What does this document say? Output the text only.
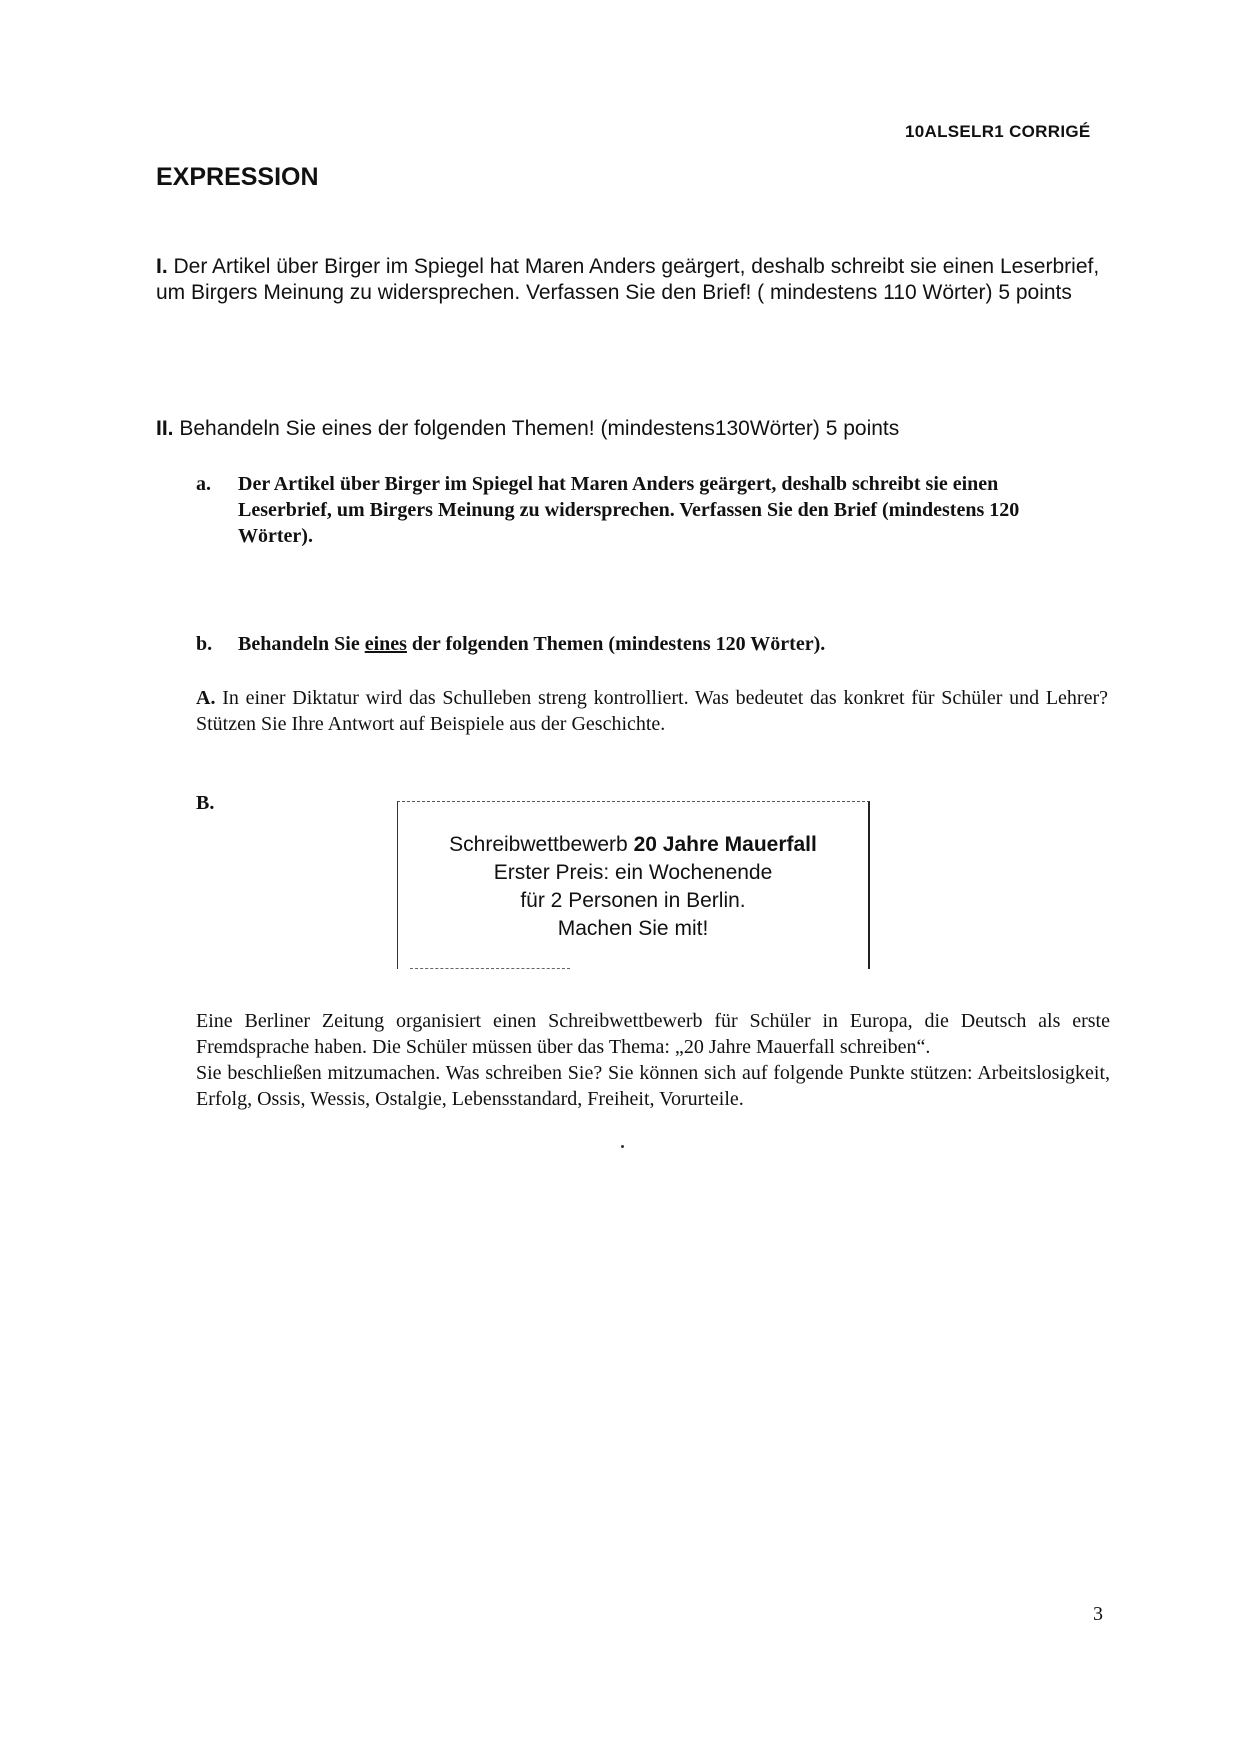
10ALSELR1 CORRIGÉ
EXPRESSION
I. Der Artikel über Birger im Spiegel hat Maren Anders geärgert, deshalb schreibt sie einen Leserbrief, um Birgers Meinung zu widersprechen. Verfassen Sie den Brief! ( mindestens 110 Wörter) 5 points
II. Behandeln Sie eines der folgenden Themen! (mindestens130Wörter) 5 points
a.	Der Artikel über Birger im Spiegel hat Maren Anders geärgert, deshalb schreibt sie einen Leserbrief, um Birgers Meinung zu widersprechen. Verfassen Sie den Brief (mindestens 120 Wörter).
b.	Behandeln Sie eines der folgenden Themen (mindestens 120 Wörter).
A. In einer Diktatur wird das Schulleben streng kontrolliert. Was bedeutet das konkret für Schüler und Lehrer? Stützen Sie Ihre Antwort auf Beispiele aus der Geschichte.
B.
Schreibwettbewerb 20 Jahre Mauerfall
Erster Preis: ein Wochenende
für 2 Personen in Berlin.
Machen Sie mit!

Eine Berliner Zeitung organisiert einen Schreibwettbewerb für Schüler in Europa, die Deutsch als erste Fremdsprache haben. Die Schüler müssen über das Thema: „20 Jahre Mauerfall schreiben“.

Sie beschließen mitzumachen. Was schreiben Sie? Sie können sich auf folgende Punkte stützen: Arbeitslosigkeit, Erfolg, Ossis, Wessis, Ostalgie, Lebensstandard, Freiheit, Vorurteile.

3
